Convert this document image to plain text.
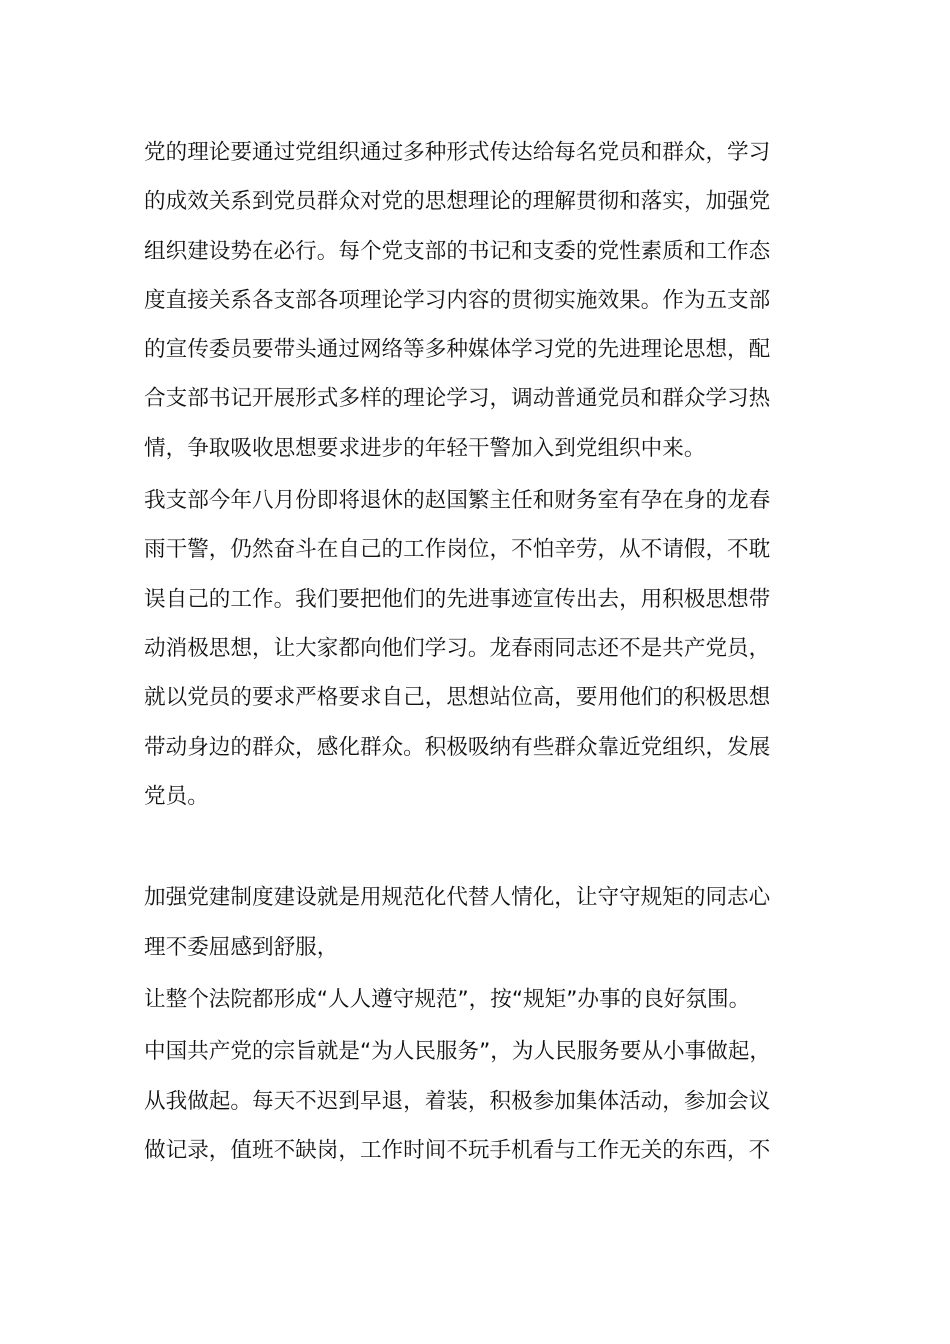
党的理论要通过党组织通过多种形式传达给每名党员和群众，学习
的成效关系到党员群众对党的思想理论的理解贯彻和落实，加强党
组织建设势在必行。每个党支部的书记和支委的党性素质和工作态
度直接关系各支部各项理论学习内容的贯彻实施效果。作为五支部
的宣传委员要带头通过网络等多种媒体学习党的先进理论思想，配
合支部书记开展形式多样的理论学习，调动普通党员和群众学习热
情，争取吸收思想要求进步的年轻干警加入到党组织中来。

我支部今年八月份即将退休的赵国繁主任和财务室有孕在身的龙春
雨干警，仍然奋斗在自己的工作岗位，不怕辛劳，从不请假，不耽
误自己的工作。我们要把他们的先进事迹宣传出去，用积极思想带
动消极思想，让大家都向他们学习。龙春雨同志还不是共产党员，
就以党员的要求严格要求自己，思想站位高，要用他们的积极思想
带动身边的群众，感化群众。积极吸纳有些群众靠近党组织，发展
党员。

加强党建制度建设就是用规范化代替人情化，让守守规矩的同志心
理不委屈感到舒服，

让整个法院都形成“人人遵守规范”，按“规矩”办事的良好氛围。

中国共产党的宗旨就是“为人民服务”，为人民服务要从小事做起，
从我做起。每天不迟到早退，着装，积极参加集体活动，参加会议
做记录，值班不缺岗，工作时间不玩手机看与工作无关的东西，不
